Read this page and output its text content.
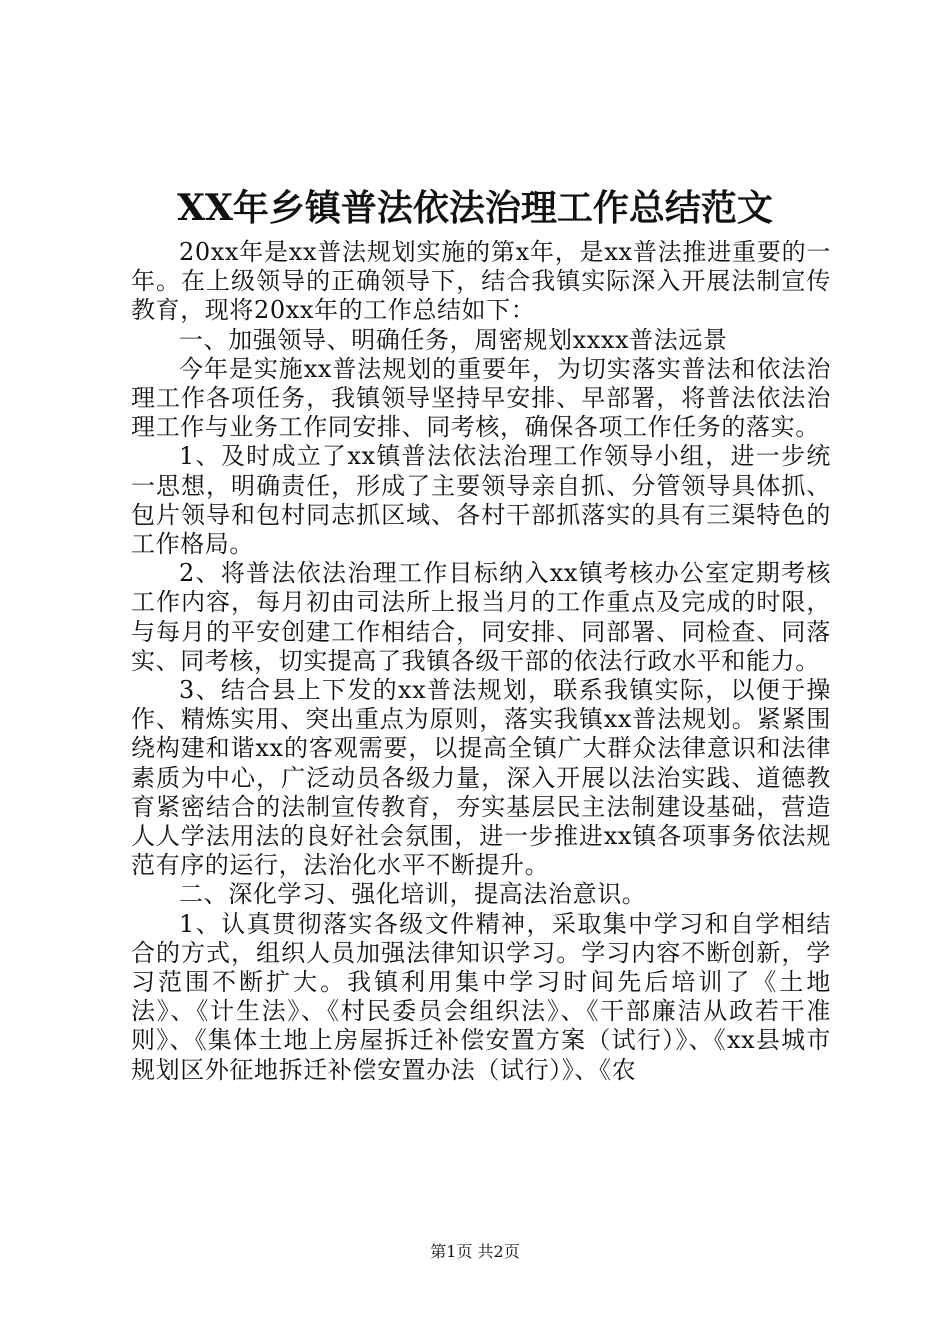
XX年乡镇普法依法治理工作总结范文

20xx年是xx普法规划实施的第x年，是xx普法推进重要的一年。在上级领导的正确领导下，结合我镇实际深入开展法制宣传教育，现将20xx年的工作总结如下：

一、加强领导、明确任务，周密规划xxxx普法远景

今年是实施xx普法规划的重要年，为切实落实普法和依法治理工作各项任务，我镇领导坚持早安排、早部署，将普法依法治理工作与业务工作同安排、同考核，确保各项工作任务的落实。

1、及时成立了xx镇普法依法治理工作领导小组，进一步统一思想，明确责任，形成了主要领导亲自抓、分管领导具体抓、包片领导和包村同志抓区域、各村干部抓落实的具有三渠特色的工作格局。

2、将普法依法治理工作目标纳入xx镇考核办公室定期考核工作内容，每月初由司法所上报当月的工作重点及完成的时限，与每月的平安创建工作相结合，同安排、同部署、同检查、同落实、同考核，切实提高了我镇各级干部的依法行政水平和能力。

3、结合县上下发的xx普法规划，联系我镇实际，以便于操作、精炼实用、突出重点为原则，落实我镇xx普法规划。紧紧围绕构建和谐xx的客观需要，以提高全镇广大群众法律意识和法律素质为中心，广泛动员各级力量，深入开展以法治实践、道德教育紧密结合的法制宣传教育，夯实基层民主法制建设基础，营造人人学法用法的良好社会氛围，进一步推进xx镇各项事务依法规范有序的运行，法治化水平不断提升。

二、深化学习、强化培训，提高法治意识。

1、认真贯彻落实各级文件精神，采取集中学习和自学相结合的方式，组织人员加强法律知识学习。学习内容不断创新，学习范围不断扩大。我镇利用集中学习时间先后培训了《土地法》、《计生法》、《村民委员会组织法》、《干部廉洁从政若干准则》、《集体土地上房屋拆迁补偿安置方案（试行）》、《xx县城市规划区外征地拆迁补偿安置办法（试行）》、《农

第1页 共2页
